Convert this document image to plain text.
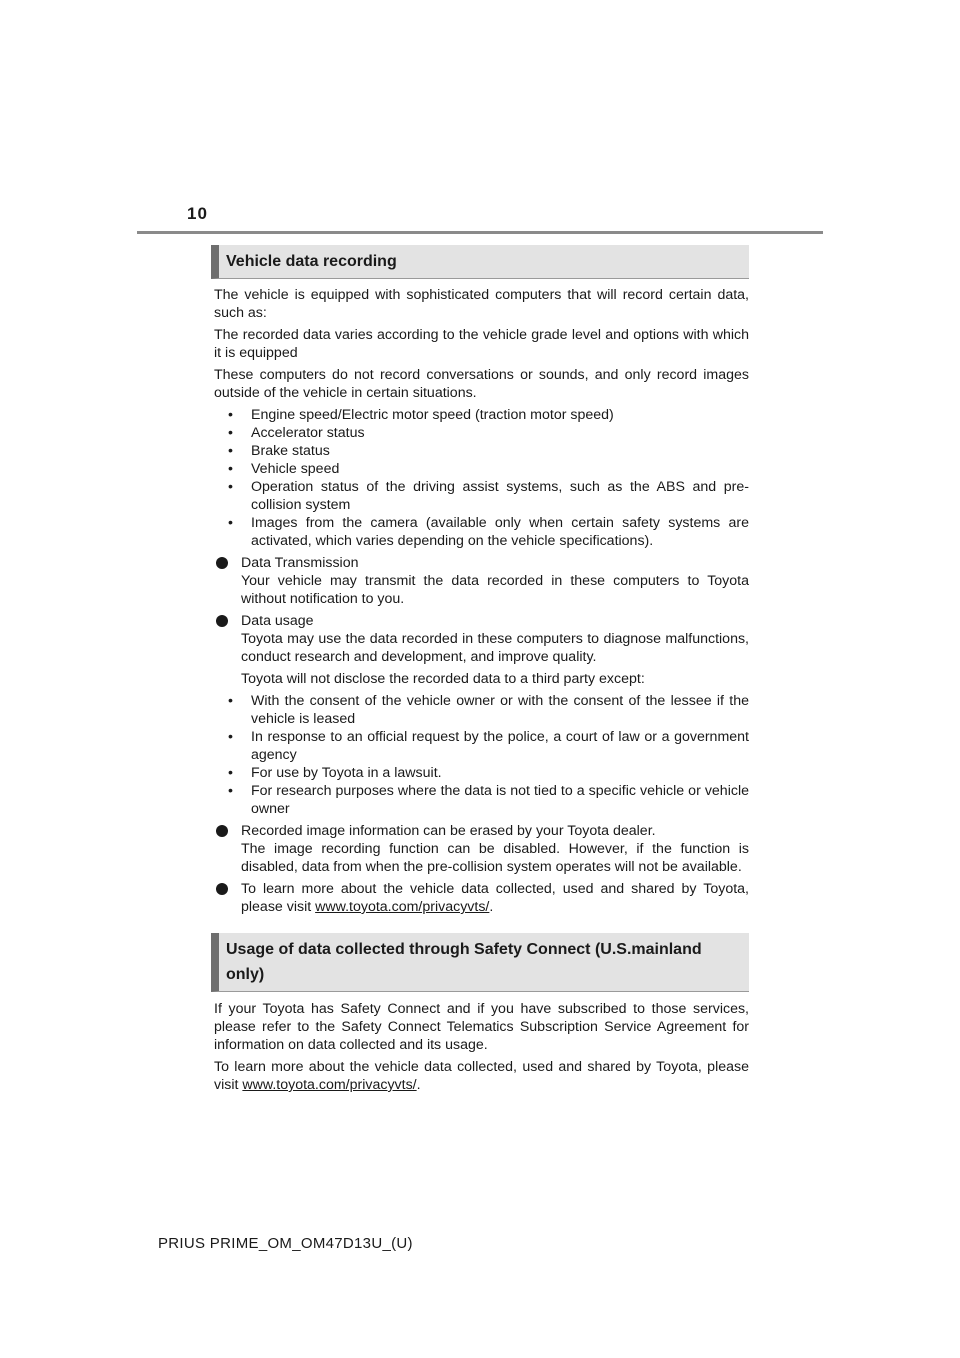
10
Vehicle data recording

The vehicle is equipped with sophisticated computers that will record certain data, such as:

The recorded data varies according to the vehicle grade level and options with which it is equipped

These computers do not record conversations or sounds, and only record images outside of the vehicle in certain situations.

• Engine speed/Electric motor speed (traction motor speed)
• Accelerator status
• Brake status
• Vehicle speed
• Operation status of the driving assist systems, such as the ABS and pre-collision system
• Images from the camera (available only when certain safety systems are activated, which varies depending on the vehicle specifications).
Data Transmission
Your vehicle may transmit the data recorded in these computers to Toyota without notification to you.
Data usage
Toyota may use the data recorded in these computers to diagnose malfunctions, conduct research and development, and improve quality.

Toyota will not disclose the recorded data to a third party except:

• With the consent of the vehicle owner or with the consent of the lessee if the vehicle is leased
• In response to an official request by the police, a court of law or a government agency
• For use by Toyota in a lawsuit.
• For research purposes where the data is not tied to a specific vehicle or vehicle owner
Recorded image information can be erased by your Toyota dealer.
The image recording function can be disabled. However, if the function is disabled, data from when the pre-collision system operates will not be available.
To learn more about the vehicle data collected, used and shared by Toyota, please visit www.toyota.com/privacyvts/.
Usage of data collected through Safety Connect (U.S.mainland only)

If your Toyota has Safety Connect and if you have subscribed to those services, please refer to the Safety Connect Telematics Subscription Service Agreement for information on data collected and its usage.

To learn more about the vehicle data collected, used and shared by Toyota, please visit www.toyota.com/privacyvts/.

PRIUS PRIME_OM_OM47D13U_(U)
